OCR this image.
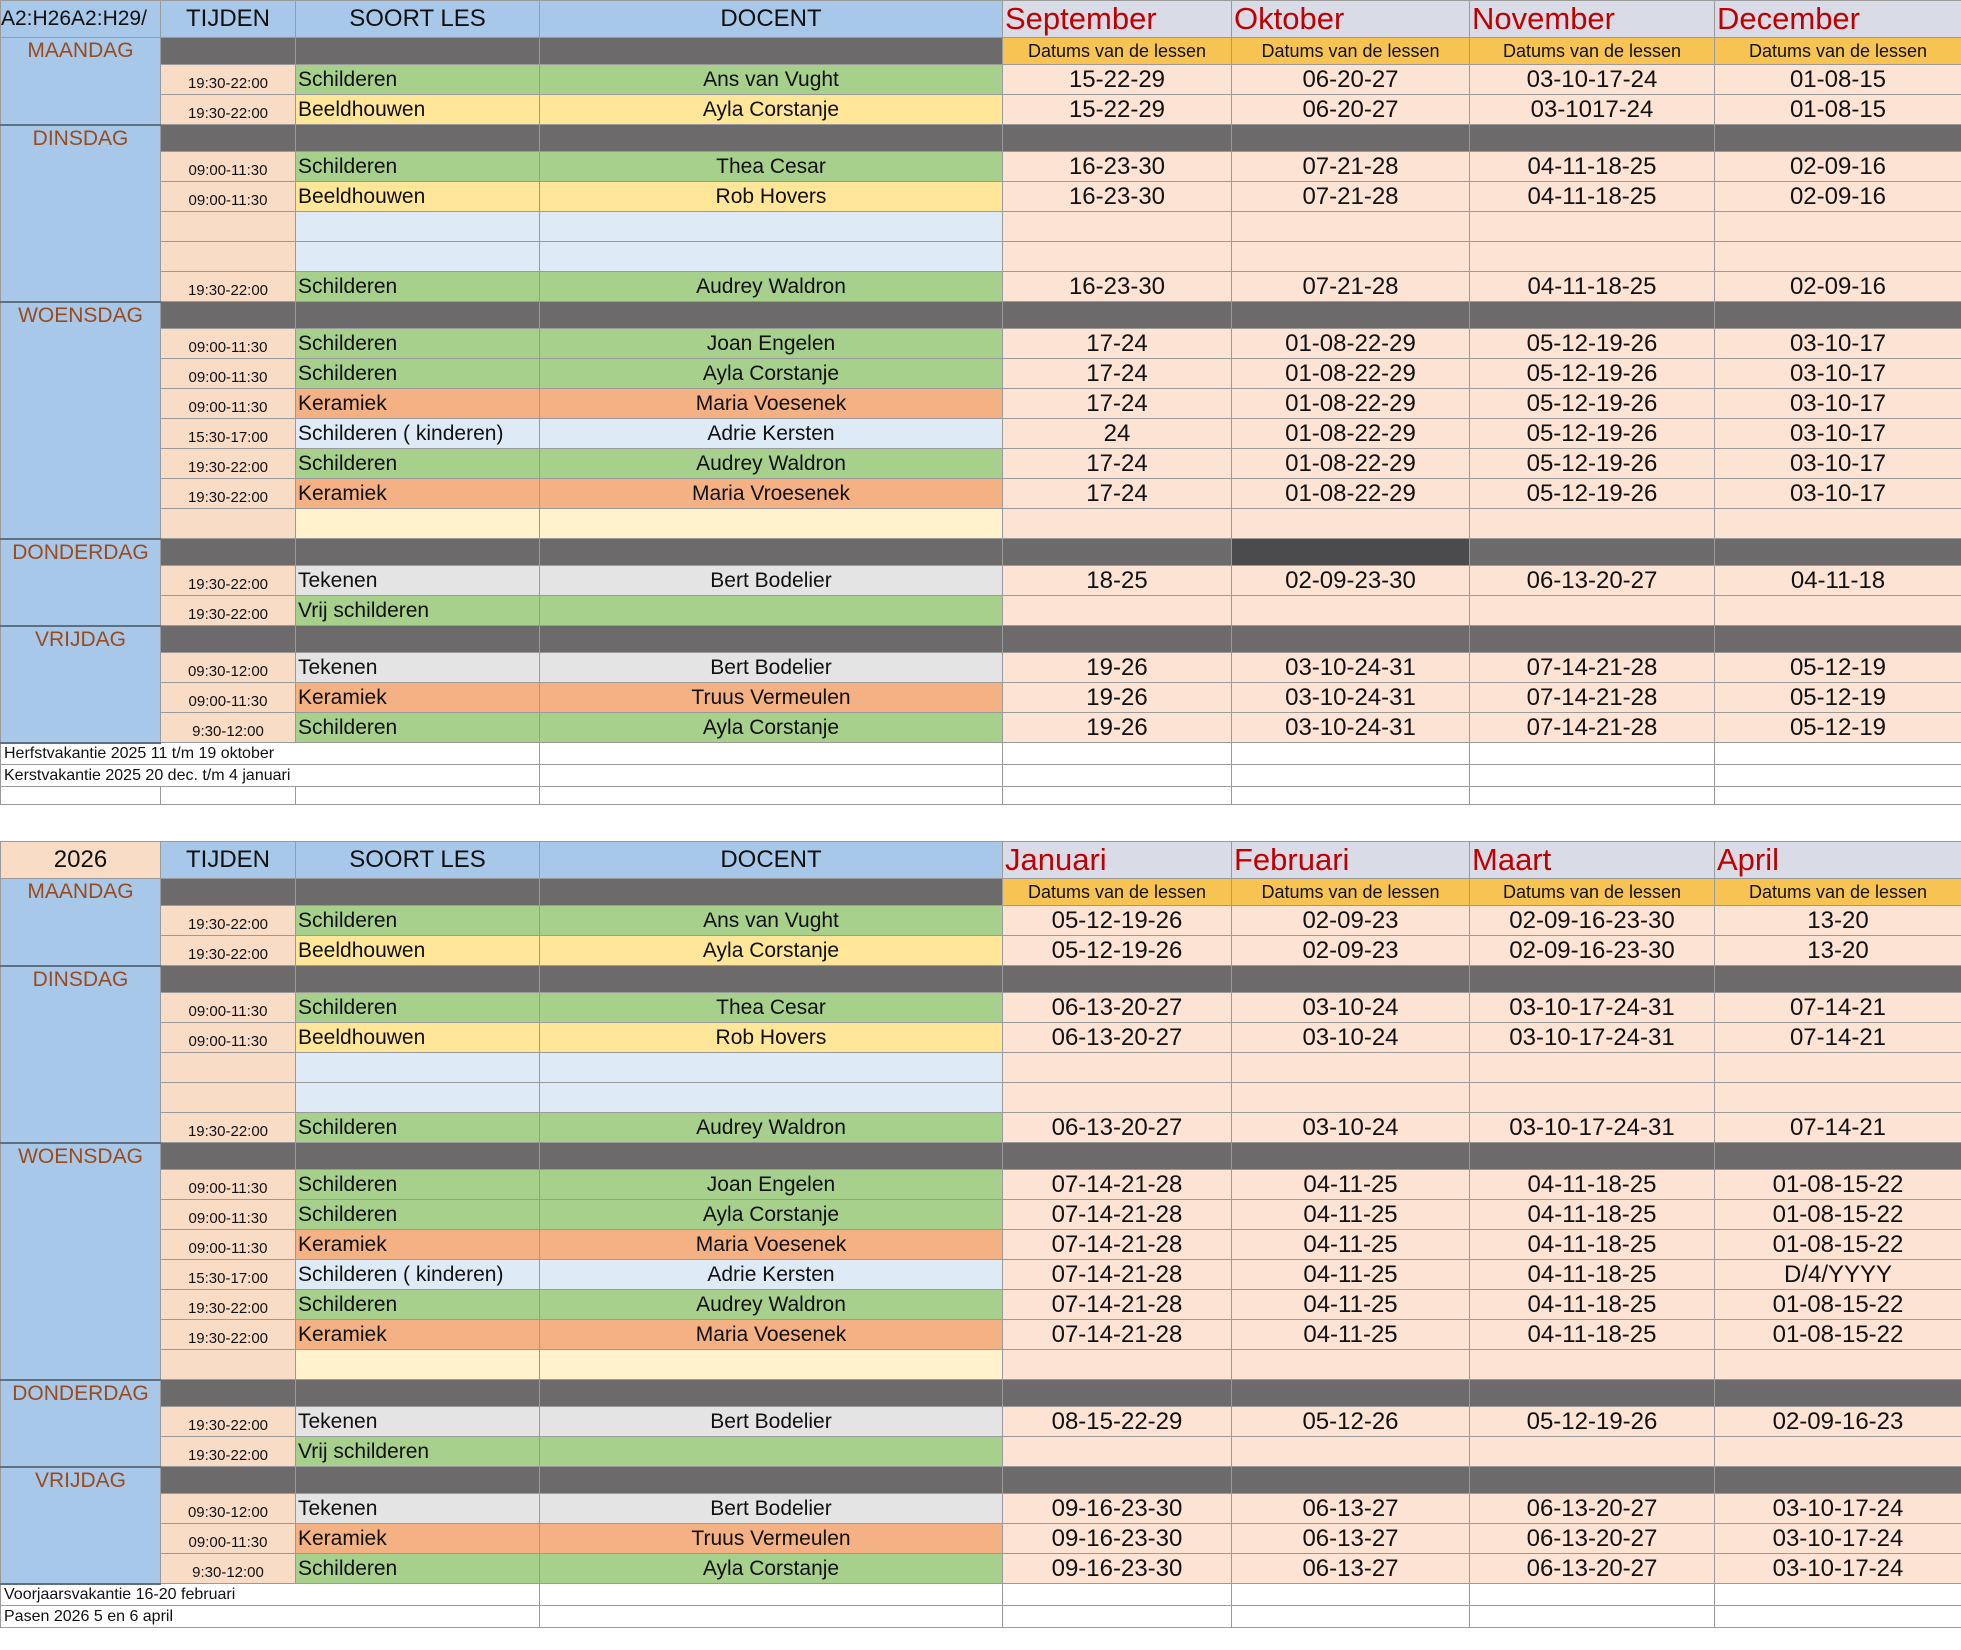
A2:H26A2:H29/	TIJDEN	SOORT LES	DOCENT	September	Oktober	November	December

MAANDAG				Datums van de lessen	Datums van de lessen	Datums van de lessen	Datums van de lessen
	19:30-22:00	Schilderen	Ans van Vught	15-22-29	06-20-27	03-10-17-24	01-08-15
	19:30-22:00	Beeldhouwen	Ayla Corstanje	15-22-29	06-20-27	03-1017-24	01-08-15

DINSDAG							

	09:00-11:30	Schilderen	Thea Cesar	16-23-30	07-21-28	04-11-18-25	02-09-16
	09:00-11:30	Beeldhouwen	Rob Hovers	16-23-30	07-21-28	04-11-18-25	02-09-16

	19:30-22:00	Schilderen	Audrey Waldron	16-23-30	07-21-28	04-11-18-25	02-09-16

WOENSDAG							

	09:00-11:30	Schilderen	Joan Engelen	17-24	01-08-22-29	05-12-19-26	03-10-17
	09:00-11:30	Schilderen	Ayla Corstanje	17-24	01-08-22-29	05-12-19-26	03-10-17
	09:00-11:30	Keramiek	Maria Voesenek	17-24	01-08-22-29	05-12-19-26	03-10-17
	15:30-17:00	Schilderen ( kinderen)	Adrie Kersten	24	01-08-22-29	05-12-19-26	03-10-17
	19:30-22:00	Schilderen	Audrey Waldron	17-24	01-08-22-29	05-12-19-26	03-10-17
	19:30-22:00	Keramiek	Maria Vroesenek	17-24	01-08-22-29	05-12-19-26	03-10-17

DONDERDAG							

	19:30-22:00	Tekenen	Bert Bodelier	18-25	02-09-23-30	06-13-20-27	04-11-18
	19:30-22:00	Vrij schilderen					

VRIJDAG							

	09:30-12:00	Tekenen	Bert Bodelier	19-26	03-10-24-31	07-14-21-28	05-12-19
	09:00-11:30	Keramiek	Truus Vermeulen	19-26	03-10-24-31	07-14-21-28	05-12-19
	9:30-12:00	Schilderen	Ayla Corstanje	19-26	03-10-24-31	07-14-21-28	05-12-19
Herfstvakantie 2025 11 t/m 19 oktober							
Kerstvakantie 2025 20 dec. t/m 4 januari							

2026	TIJDEN	SOORT LES	DOCENT	Januari	Februari	Maart	April

MAANDAG				Datums van de lessen	Datums van de lessen	Datums van de lessen	Datums van de lessen
	19:30-22:00	Schilderen	Ans van Vught	05-12-19-26	02-09-23	02-09-16-23-30	13-20
	19:30-22:00	Beeldhouwen	Ayla Corstanje	05-12-19-26	02-09-23	02-09-16-23-30	13-20

DINSDAG							

	09:00-11:30	Schilderen	Thea Cesar	06-13-20-27	03-10-24	03-10-17-24-31	07-14-21
	09:00-11:30	Beeldhouwen	Rob Hovers	06-13-20-27	03-10-24	03-10-17-24-31	07-14-21

	19:30-22:00	Schilderen	Audrey Waldron	06-13-20-27	03-10-24	03-10-17-24-31	07-14-21

WOENSDAG							

	09:00-11:30	Schilderen	Joan Engelen	07-14-21-28	04-11-25	04-11-18-25	01-08-15-22
	09:00-11:30	Schilderen	Ayla Corstanje	07-14-21-28	04-11-25	04-11-18-25	01-08-15-22
	09:00-11:30	Keramiek	Maria Voesenek	07-14-21-28	04-11-25	04-11-18-25	01-08-15-22
	15:30-17:00	Schilderen ( kinderen)	Adrie Kersten	07-14-21-28	04-11-25	04-11-18-25	D/4/YYYY
	19:30-22:00	Schilderen	Audrey Waldron	07-14-21-28	04-11-25	04-11-18-25	01-08-15-22
	19:30-22:00	Keramiek	Maria Voesenek	07-14-21-28	04-11-25	04-11-18-25	01-08-15-22

DONDERDAG							

	19:30-22:00	Tekenen	Bert Bodelier	08-15-22-29	05-12-26	05-12-19-26	02-09-16-23
	19:30-22:00	Vrij schilderen					

VRIJDAG							

	09:30-12:00	Tekenen	Bert Bodelier	09-16-23-30	06-13-27	06-13-20-27	03-10-17-24
	09:00-11:30	Keramiek	Truus Vermeulen	09-16-23-30	06-13-27	06-13-20-27	03-10-17-24
	9:30-12:00	Schilderen	Ayla Corstanje	09-16-23-30	06-13-27	06-13-20-27	03-10-17-24
Voorjaarsvakantie 16-20 februari							
Pasen 2026 5 en 6 april							
